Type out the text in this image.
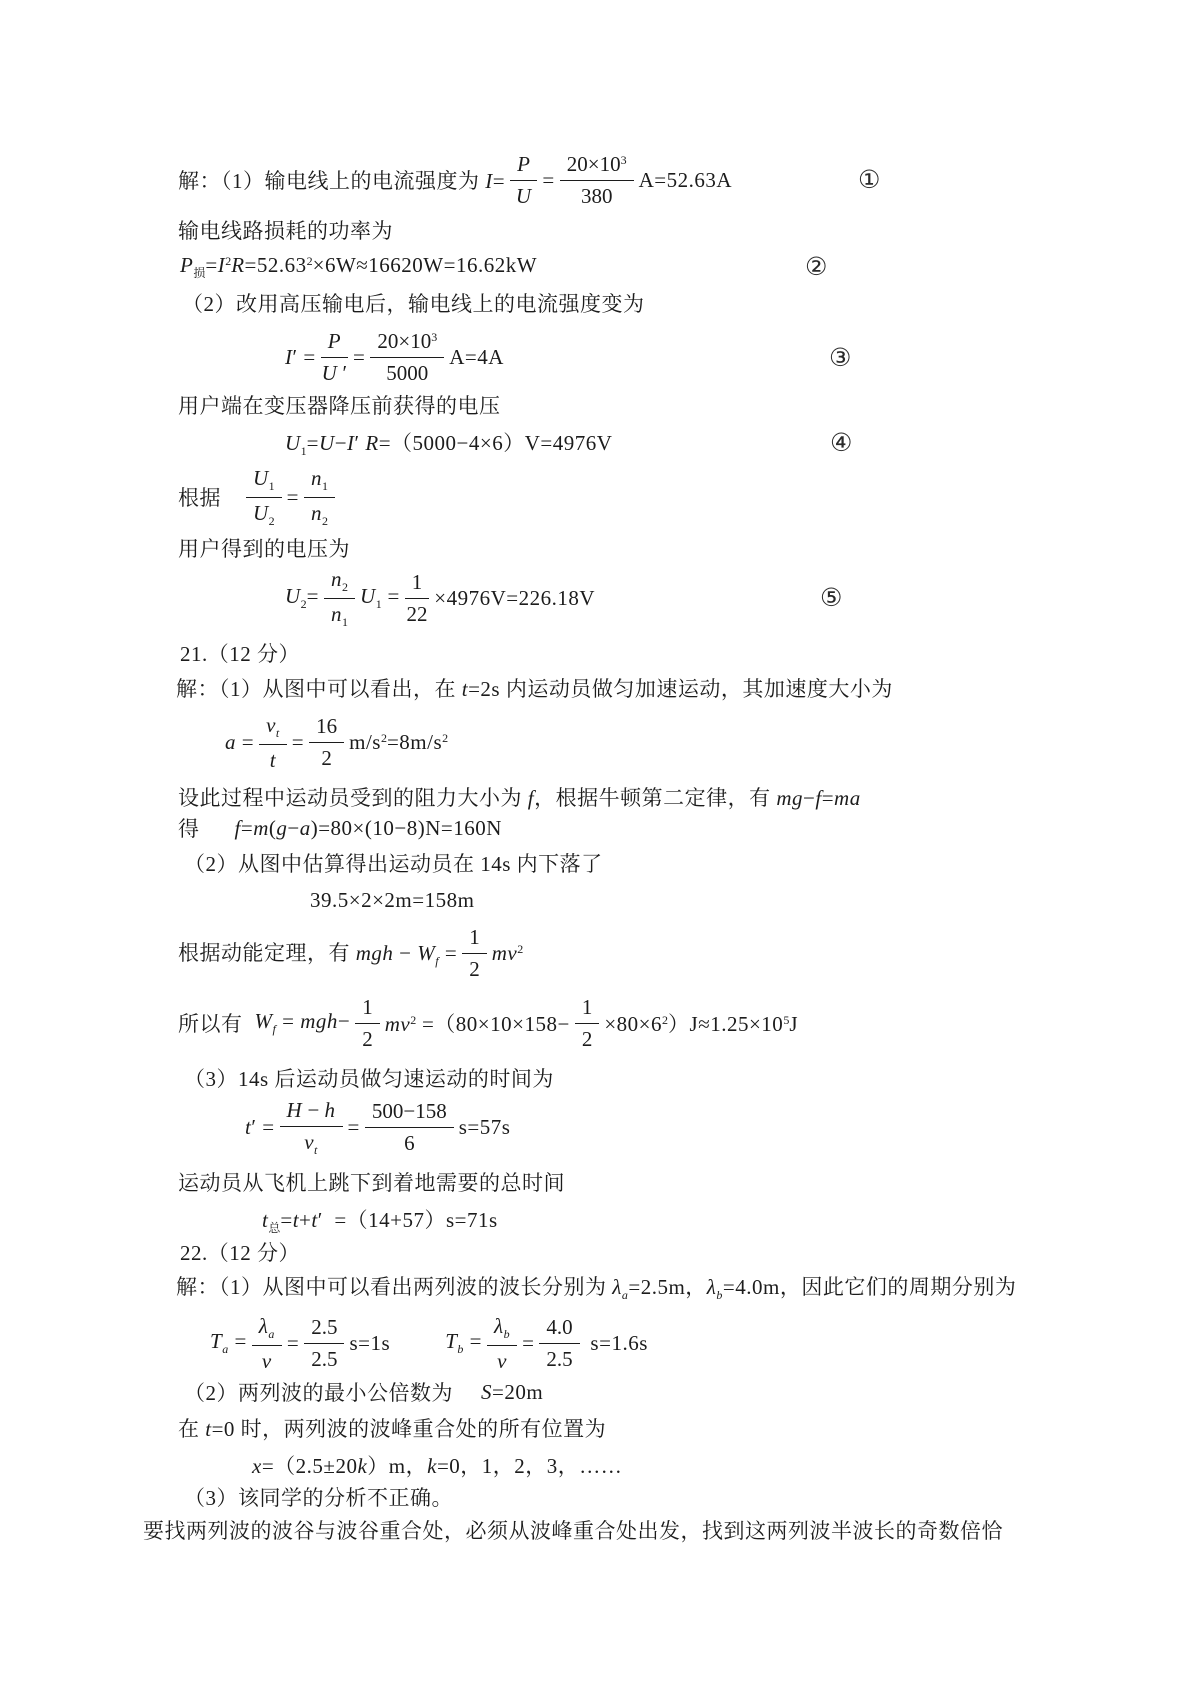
解：（1）输电线上的电流强度为 $I= \frac{P}{U} = \frac{20\times 10^3}{380} A=52.63A$
输电线路损耗的功率为
$P_损=I^2R=52.63^2\times 6W\approx 16620W=16.62kW$
（2）改用高压输电后，输电线上的电流强度变为
$I' = \frac{P}{U '} = \frac{20\times 10^3}{5000} A=4A$
用户端在变压器降压前获得的电压
$U_1=U-I'$ R=（5000−4×6）V=4976V
根据 $\frac{U_1}{U_2} = \frac{n_1}{n_2}$
用户得到的电压为
$U_2= \frac{n_2}{n_1} U_1 = \frac{1}{22} \times 4976V=226.18V$
21.（12 分）
解：（1）从图中可以看出，在 t=2s 内运动员做匀加速运动，其加速度大小为
$a = \frac{v_t}{t} = \frac{16}{2} m/s^2=8m/s^2$
设此过程中运动员受到的阻力大小为 f，根据牛顿第二定律，有 mg−f=ma
得 f=m(g−a)=80×(10−8)N=160N
（2）从图中估算得出运动员在 14s 内下落了
39.5×2×2m=158m
根据动能定理，有 mgh − $W_f = \frac{1}{2} mv^2$
所以有 $W_f = mgh- \frac{1}{2} mv^2 =(80\times 10\times 158- \frac{1}{2} \times 80\times 6^2)J\approx 1.25\times 10^5J$
（3）14s 后运动员做匀速运动的时间为
$t' = \frac{H - h}{v_t} = \frac{500-158}{6} s=57s$
运动员从飞机上跳下到着地需要的总时间
$t_总=t+t' =(14+57)s=71s$
22.（12 分）
解：（1）从图中可以看出两列波的波长分别为 $\lambda_a=2.5m$，$\lambda_b=4.0m$，因此它们的周期分别为
$T_a = \frac{\lambda_a}{v} = \frac{2.5}{2.5} s=1s$	$T_b = \frac{\lambda_b}{v} = \frac{4.0}{2.5} s=1.6s$
（2）两列波的最小公倍数为 S=20m
在 t=0 时，两列波的波峰重合处的所有位置为
x=（2.5±20k）m，k=0，1，2，3，……
（3）该同学的分析不正确。
要找两列波的波谷与波谷重合处，必须从波峰重合处出发，找到这两列波半波长的奇数倍恰
①
②
③
④
⑤
